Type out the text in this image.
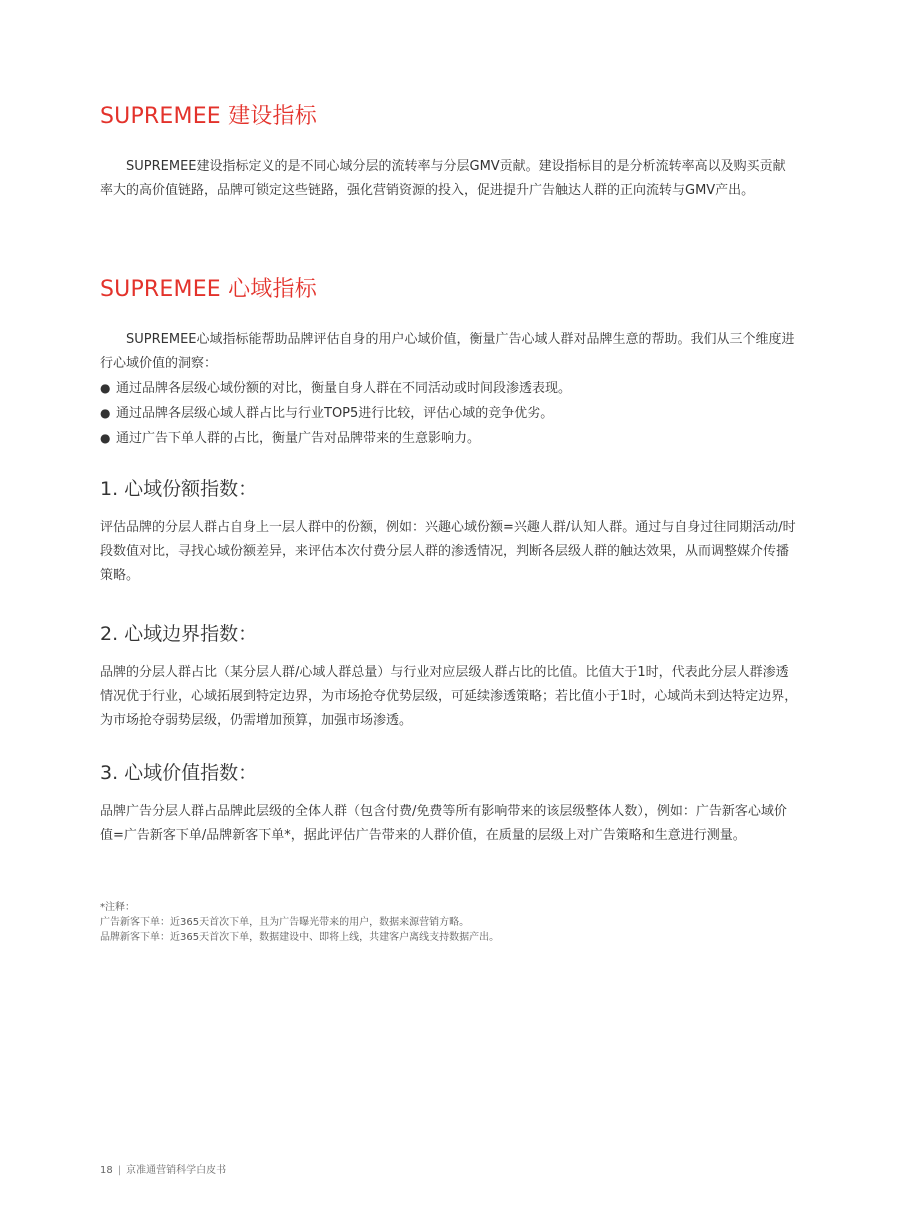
SUPREMEE 建设指标

SUPREMEE建设指标定义的是不同心域分层的流转率与分层GMV贡献。建设指标目的是分析流转率高以及购买贡献率大的高价值链路，品牌可锁定这些链路，强化营销资源的投入，促进提升广告触达人群的正向流转与GMV产出。

SUPREMEE 心域指标

SUPREMEE心域指标能帮助品牌评估自身的用户心域价值，衡量广告心域人群对品牌生意的帮助。我们从三个维度进行心域价值的洞察：

● 通过品牌各层级心域份额的对比，衡量自身人群在不同活动或时间段渗透表现。
● 通过品牌各层级心域人群占比与行业TOP5进行比较，评估心域的竞争优劣。
● 通过广告下单人群的占比，衡量广告对品牌带来的生意影响力。
1. 心域份额指数：

评估品牌的分层人群占自身上一层人群中的份额，例如：兴趣心域份额=兴趣人群/认知人群。通过与自身过往同期活动/时段数值对比，寻找心域份额差异，来评估本次付费分层人群的渗透情况，判断各层级人群的触达效果，从而调整媒介传播策略。

2. 心域边界指数：

品牌的分层人群占比（某分层人群/心域人群总量）与行业对应层级人群占比的比值。比值大于1时，代表此分层人群渗透情况优于行业，心域拓展到特定边界，为市场抢夺优势层级，可延续渗透策略；若比值小于1时，心域尚未到达特定边界，为市场抢夺弱势层级，仍需增加预算，加强市场渗透。

3. 心域价值指数：

品牌广告分层人群占品牌此层级的全体人群（包含付费/免费等所有影响带来的该层级整体人数），例如：广告新客心域价值=广告新客下单/品牌新客下单*，据此评估广告带来的人群价值，在质量的层级上对广告策略和生意进行测量。

*注释：
广告新客下单：近365天首次下单，且为广告曝光带来的用户，数据来源营销方略。
品牌新客下单：近365天首次下单，数据建设中、即将上线，共建客户离线支持数据产出。
18 | 京准通营销科学白皮书
